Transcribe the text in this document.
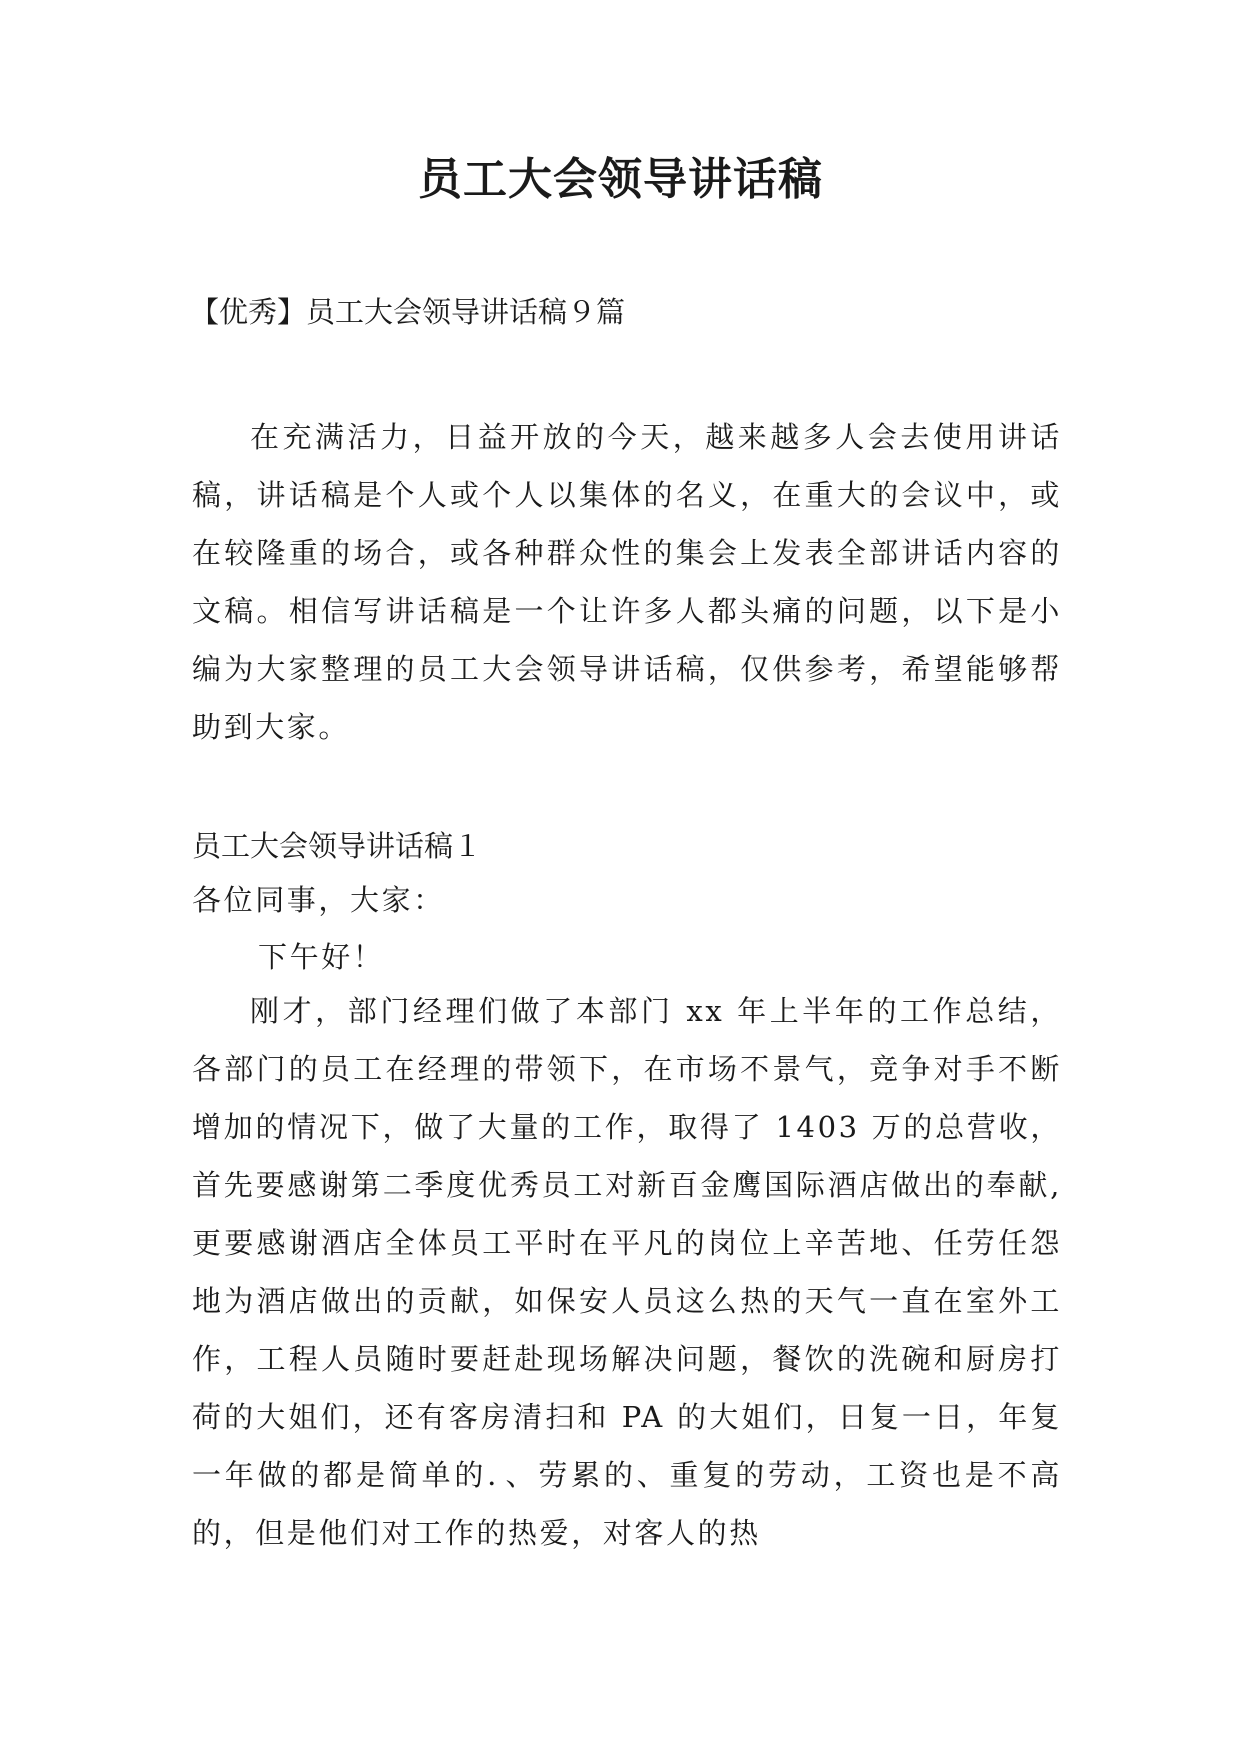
员工大会领导讲话稿
【优秀】员工大会领导讲话稿９篇

在充满活力，日益开放的今天，越来越多人会去使用讲话稿，讲话稿是个人或个人以集体的名义，在重大的会议中，或在较隆重的场合，或各种群众性的集会上发表全部讲话内容的文稿。相信写讲话稿是一个让许多人都头痛的问题，以下是小编为大家整理的员工大会领导讲话稿，仅供参考，希望能够帮助到大家。

员工大会领导讲话稿１
各位同事，大家：
下午好！

刚才，部门经理们做了本部门 xx 年上半年的工作总结，各部门的员工在经理的带领下，在市场不景气，竞争对手不断增加的情况下，做了大量的工作，取得了 1403 万的总营收，首先要感谢第二季度优秀员工对新百金鹰国际酒店做出的奉献,更要感谢酒店全体员工平时在平凡的岗位上辛苦地、任劳任怨地为酒店做出的贡献，如保安人员这么热的天气一直在室外工作，工程人员随时要赶赴现场解决问题，餐饮的洗碗和厨房打荷的大姐们，还有客房清扫和 PA 的大姐们，日复一日，年复一年做的都是简单的．、劳累的、重复的劳动，工资也是不高的，但是他们对工作的热爱，对客人的热
